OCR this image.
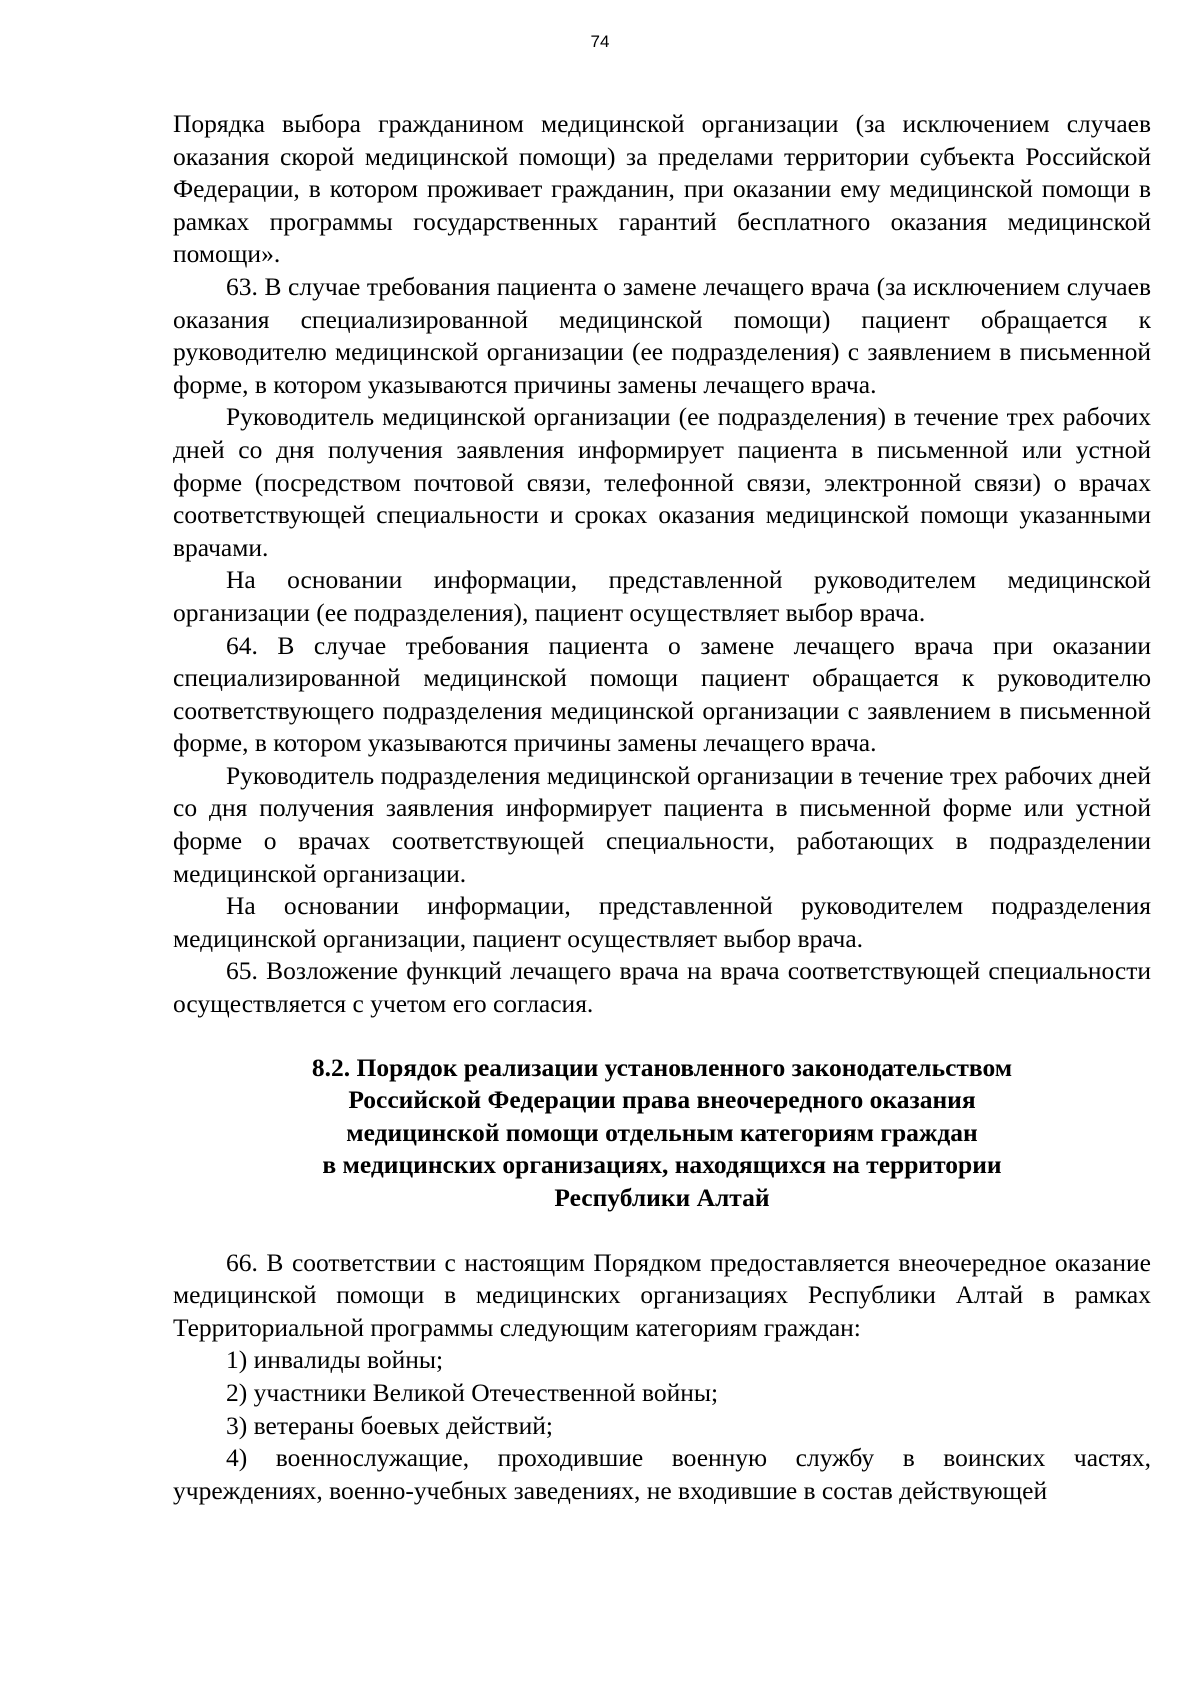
74

Порядка выбора гражданином медицинской организации (за исключением случаев оказания скорой медицинской помощи) за пределами территории субъекта Российской Федерации, в котором проживает гражданин, при оказании ему медицинской помощи в рамках программы государственных гарантий бесплатного оказания медицинской помощи».

63. В случае требования пациента о замене лечащего врача (за исключением случаев оказания специализированной медицинской помощи) пациент обращается к руководителю медицинской организации (ее подразделения) с заявлением в письменной форме, в котором указываются причины замены лечащего врача.

Руководитель медицинской организации (ее подразделения) в течение трех рабочих дней со дня получения заявления информирует пациента в письменной или устной форме (посредством почтовой связи, телефонной связи, электронной связи) о врачах соответствующей специальности и сроках оказания медицинской помощи указанными врачами.

На основании информации, представленной руководителем медицинской организации (ее подразделения), пациент осуществляет выбор врача.

64. В случае требования пациента о замене лечащего врача при оказании специализированной медицинской помощи пациент обращается к руководителю соответствующего подразделения медицинской организации с заявлением в письменной форме, в котором указываются причины замены лечащего врача.

Руководитель подразделения медицинской организации в течение трех рабочих дней со дня получения заявления информирует пациента в письменной форме или устной форме о врачах соответствующей специальности, работающих в подразделении медицинской организации.

На основании информации, представленной руководителем подразделения медицинской организации, пациент осуществляет выбор врача.

65. Возложение функций лечащего врача на врача соответствующей специальности осуществляется с учетом его согласия.

8.2. Порядок реализации установленного законодательством
Российской Федерации права внеочередного оказания
медицинской помощи отдельным категориям граждан
в медицинских организациях, находящихся на территории
Республики Алтай

66. В соответствии с настоящим Порядком предоставляется внеочередное оказание медицинской помощи в медицинских организациях Республики Алтай в рамках Территориальной программы следующим категориям граждан:

1) инвалиды войны;

2) участники Великой Отечественной войны;

3) ветераны боевых действий;

4) военнослужащие, проходившие военную службу в воинских частях, учреждениях, военно-учебных заведениях, не входившие в состав действующей
